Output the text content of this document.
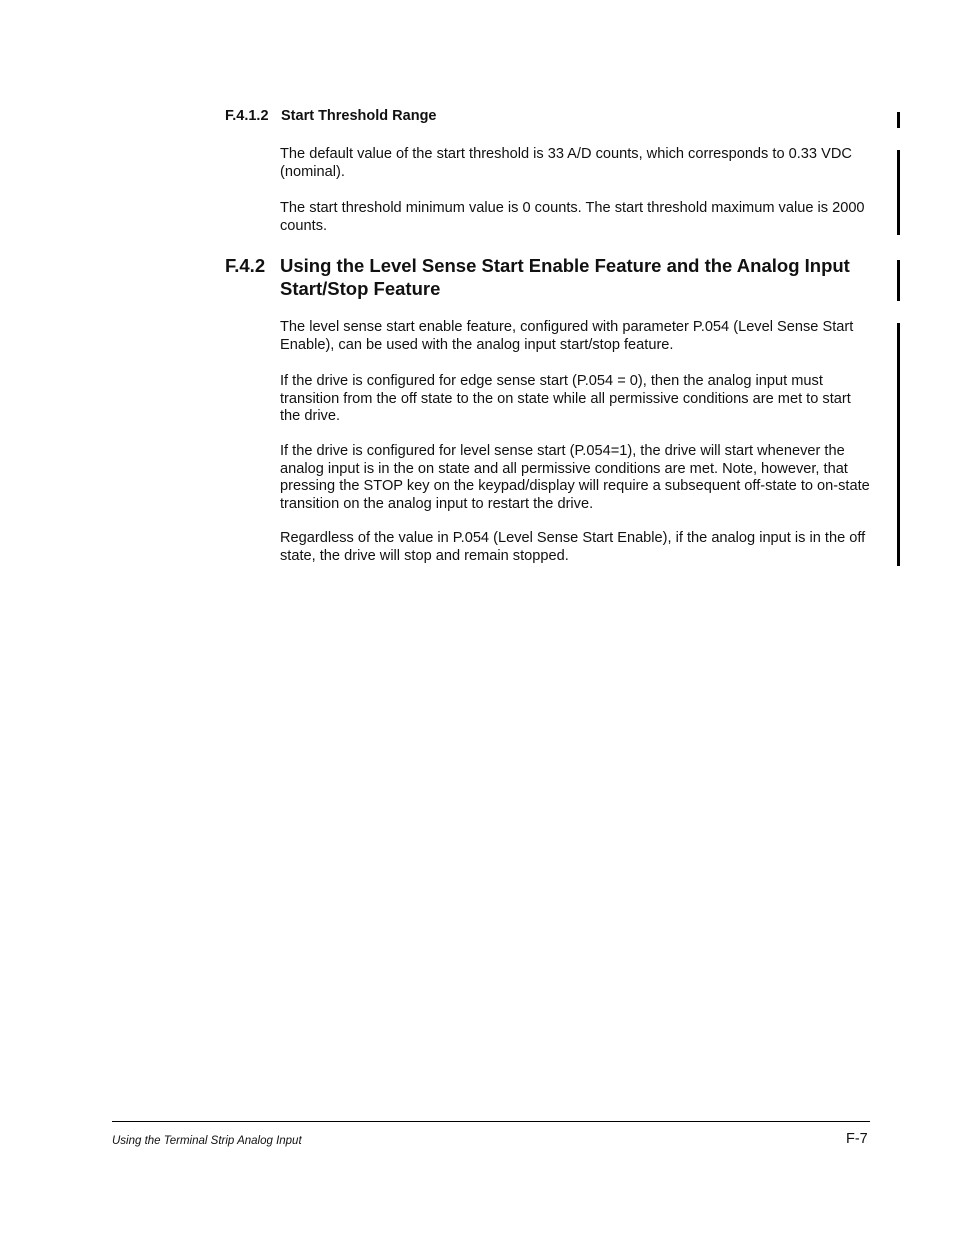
F.4.1.2 Start Threshold Range
The default value of the start threshold is 33 A/D counts, which corresponds to 0.33 VDC (nominal).
The start threshold minimum value is 0 counts. The start threshold maximum value is 2000 counts.
F.4.2 Using the Level Sense Start Enable Feature and the Analog Input Start/Stop Feature
The level sense start enable feature, configured with parameter P.054 (Level Sense Start Enable), can be used with the analog input start/stop feature.
If the drive is configured for edge sense start (P.054 = 0), then the analog input must transition from the off state to the on state while all permissive conditions are met to start the drive.
If the drive is configured for level sense start (P.054=1), the drive will start whenever the analog input is in the on state and all permissive conditions are met. Note, however, that pressing the STOP key on the keypad/display will require a subsequent off-state to on-state transition on the analog input to restart the drive.
Regardless of the value in P.054 (Level Sense Start Enable), if the analog input is in the off state, the drive will stop and remain stopped.
Using the Terminal Strip Analog Input	F-7
